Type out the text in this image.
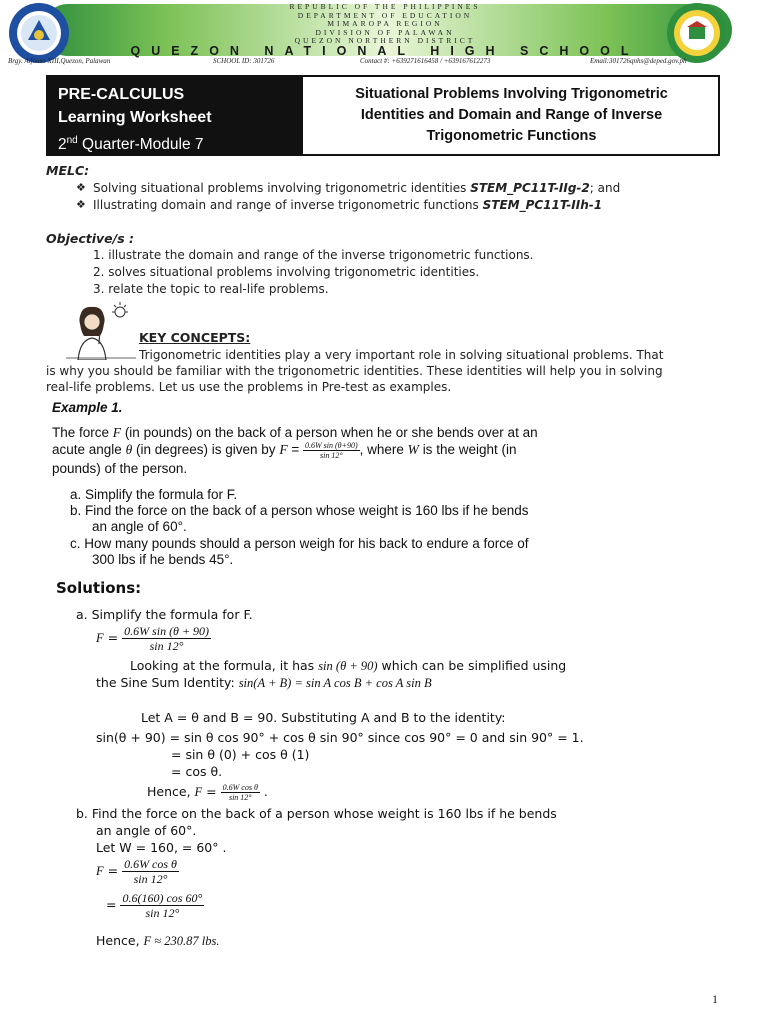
REPUBLIC OF THE PHILIPPINES
DEPARTMENT OF EDUCATION
MIMAROPA REGION
DIVISION OF PALAWAN
QUEZON NORTHERN DISTRICT
QUEZON NATIONAL HIGH SCHOOL
Brgy. Alfonso XIII,Quezon, Palawan	SCHOOL ID: 301726	Contact #: +639271616458 / +639167612273	Email:301726qnhs@deped.gov.ph
PRE-CALCULUS
Learning Worksheet
2nd Quarter-Module 7
Situational Problems Involving Trigonometric
Identities and Domain and Range of Inverse
Trigonometric Functions
MELC:
❖ Solving situational problems involving trigonometric identities STEM_PC11T-IIg-2; and
❖ Illustrating domain and range of inverse trigonometric functions STEM_PC11T-IIh-1
Objective/s :
1. illustrate the domain and range of the inverse trigonometric functions.
2. solves situational problems involving trigonometric identities.
3. relate the topic to real-life problems.
KEY CONCEPTS:
Trigonometric identities play a very important role in solving situational problems. That
is why you should be familiar with the trigonometric identities. These identities will help you in solving
real-life problems. Let us use the problems in Pre-test as examples.
Example 1.
The force F (in pounds) on the back of a person when he or she bends over at an
acute angle θ (in degrees) is given by $F = \frac{\text{0.6W sin (θ+90)}}{\sin 12^\circ}$ , where W is the weight (in
pounds) of the person.
a. Simplify the formula for F.
b. Find the force on the back of a person whose weight is 160 lbs if he bends
an angle of 60°.
c. How many pounds should a person weigh for his back to endure a force of
300 lbs if he bends 45°.
Solutions:
a. Simplify the formula for F.
$F = \frac{\text{0.6W sin (θ + 90)}}{\sin 12^\circ}$
Looking at the formula, it has sin (θ + 90) which can be simplified using
the Sine Sum Identity: sin(A + B) = sin A cos B + cos A sin B
Let A = θ and B = 90. Substituting A and B to the identity:
sin(θ + 90) = sin θ cos 90° + cos θ sin 90° since cos 90° = 0 and sin 90° = 1.
= sin θ (0) + cos θ (1)
= cos θ.
Hence, $F = \frac{\text{0.6W cos θ}}{\sin 12^\circ}$ .
b. Find the force on the back of a person whose weight is 160 lbs if he bends
an angle of 60°.
Let W = 160, = 60° .
$F = \frac{\text{0.6W cos θ}}{\sin 12^\circ}$
= $\frac{0.6(160) \cos 60^\circ}{\sin 12^\circ}$
Hence, F ≈ 230.87 lbs.
1
